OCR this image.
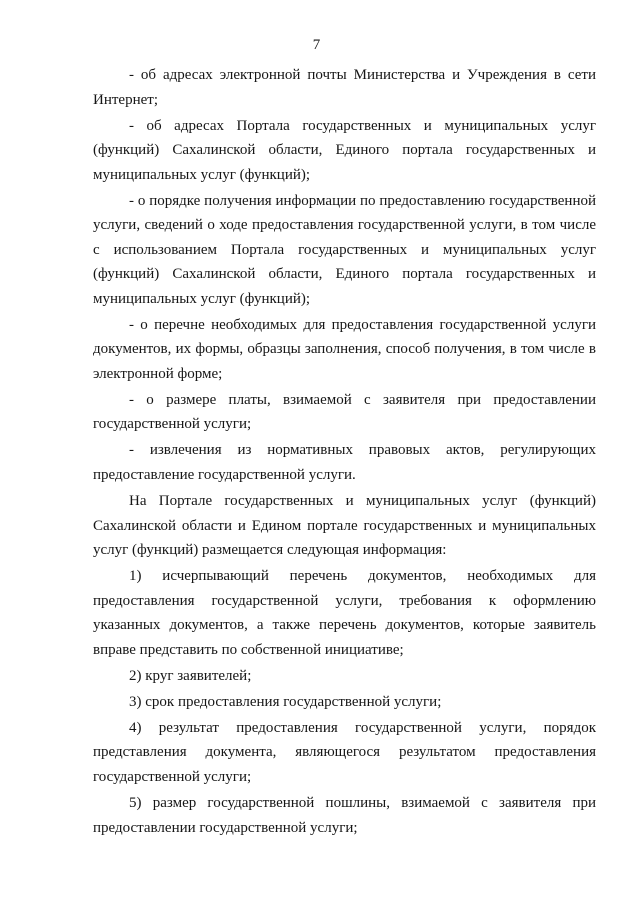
7

- об адресах электронной почты Министерства и Учреждения в сети Интернет;

- об адресах Портала государственных и муниципальных услуг (функций) Сахалинской области, Единого портала государственных и муниципальных услуг (функций);

- о порядке получения информации по предоставлению государственной услуги, сведений о ходе предоставления государственной услуги, в том числе с использованием Портала государственных и муниципальных услуг (функций) Сахалинской области, Единого портала государственных и муниципальных услуг (функций);

- о перечне необходимых для предоставления государственной услуги документов, их формы, образцы заполнения, способ получения, в том числе в электронной форме;

- о размере платы, взимаемой с заявителя при предоставлении государственной услуги;

- извлечения из нормативных правовых актов, регулирующих предоставление государственной услуги.

На Портале государственных и муниципальных услуг (функций) Сахалинской области и Едином портале государственных и муниципальных услуг (функций) размещается следующая информация:

1) исчерпывающий перечень документов, необходимых для предоставления государственной услуги, требования к оформлению указанных документов, а также перечень документов, которые заявитель вправе представить по собственной инициативе;

2) круг заявителей;

3) срок предоставления государственной услуги;

4) результат предоставления государственной услуги, порядок представления документа, являющегося результатом предоставления государственной услуги;

5) размер государственной пошлины, взимаемой с заявителя при предоставлении государственной услуги;
